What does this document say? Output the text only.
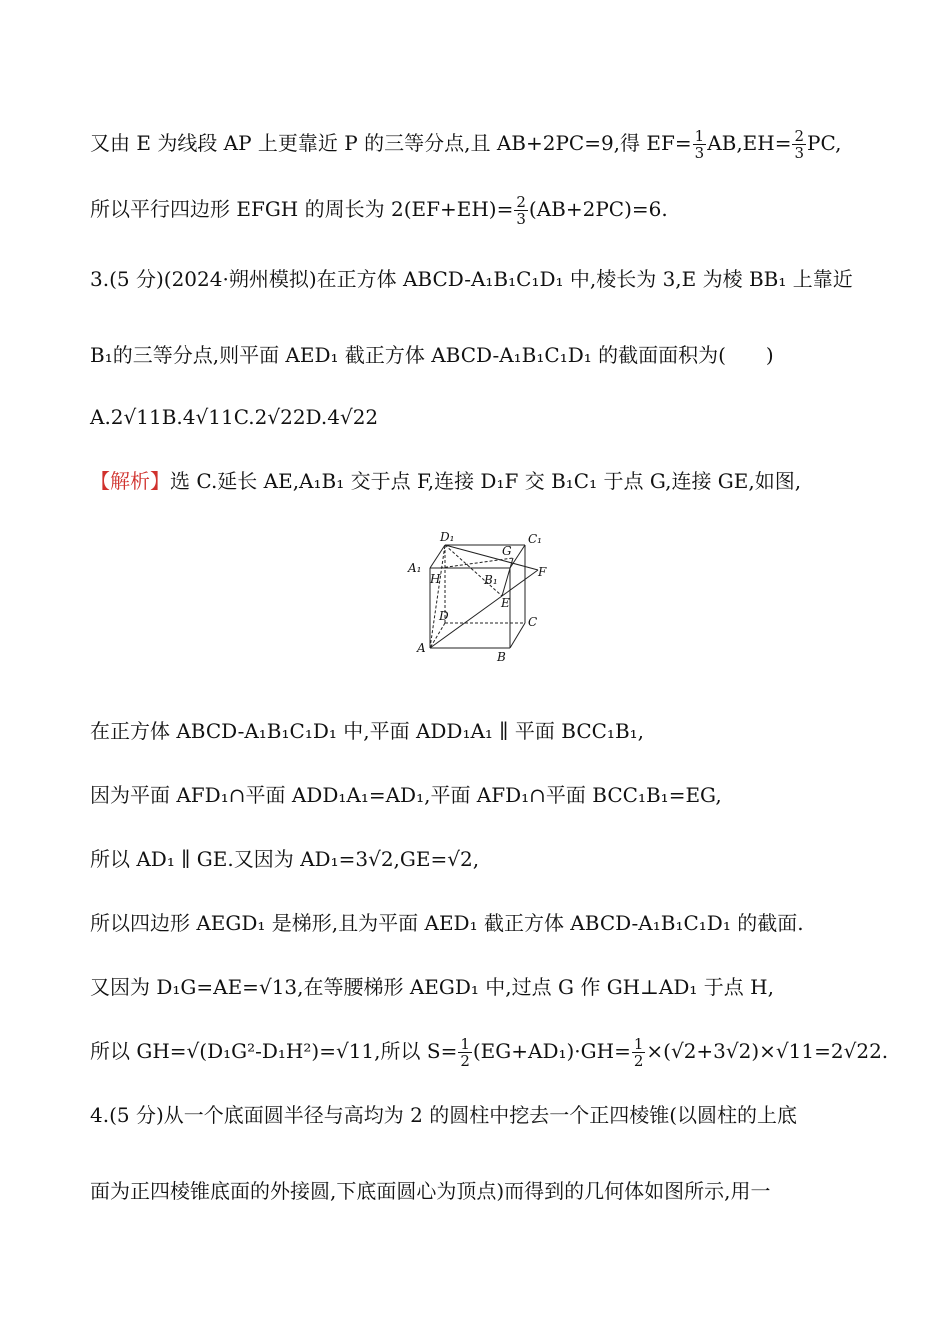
又由 E 为线段 AP 上更靠近 P 的三等分点,且 AB+2PC=9,得 $EF= \frac{1}{3} AB,EH= \frac{2}{3}$ PC,
所以平行四边形 EFGH 的周长为 $2(EF+EH)= \frac{2}{3} (AB+2PC)=6$.
3.(5 分)(2024·朔州模拟)在正方体 ABCD-A₁B₁C₁D₁ 中,棱长为 3,E 为棱 BB₁ 上靠近
B₁的三等分点,则平面 AED₁ 截正方体 ABCD-A₁B₁C₁D₁ 的截面面积为(　　)
A.2√11B.4√11C.2√22D.4√22
【解析】选 C.延长 AE,A₁B₁ 交于点 F,连接 D₁F 交 B₁C₁ 于点 G,连接 GE,如图,
D₁	C₁
G
A₁
H	B₁
F
E
D	C
A
B
在正方体 ABCD-A₁B₁C₁D₁ 中,平面 ADD₁A₁ ∥ 平面 BCC₁B₁,
因为平面 AFD₁∩平面 ADD₁A₁=AD₁,平面 AFD₁∩平面 BCC₁B₁=EG,
所以 AD₁ ∥ GE.又因为 AD₁=3√2,GE=√2,
所以四边形 AEGD₁ 是梯形,且为平面 AED₁ 截正方体 ABCD-A₁B₁C₁D₁ 的截面.
又因为 D₁G=AE=√13,在等腰梯形 AEGD₁ 中,过点 G 作 GH⊥AD₁ 于点 H,
所以 GH=√(D₁G²-D₁H²)=√11,所以 $S= \frac{1}{2} (EG+AD_1)\cdot GH= \frac{1}{2} \times(√2+3√2)\times√11=2√22$.
4.(5 分)从一个底面圆半径与高均为 2 的圆柱中挖去一个正四棱锥(以圆柱的上底
面为正四棱锥底面的外接圆,下底面圆心为顶点)而得到的几何体如图所示,用一
